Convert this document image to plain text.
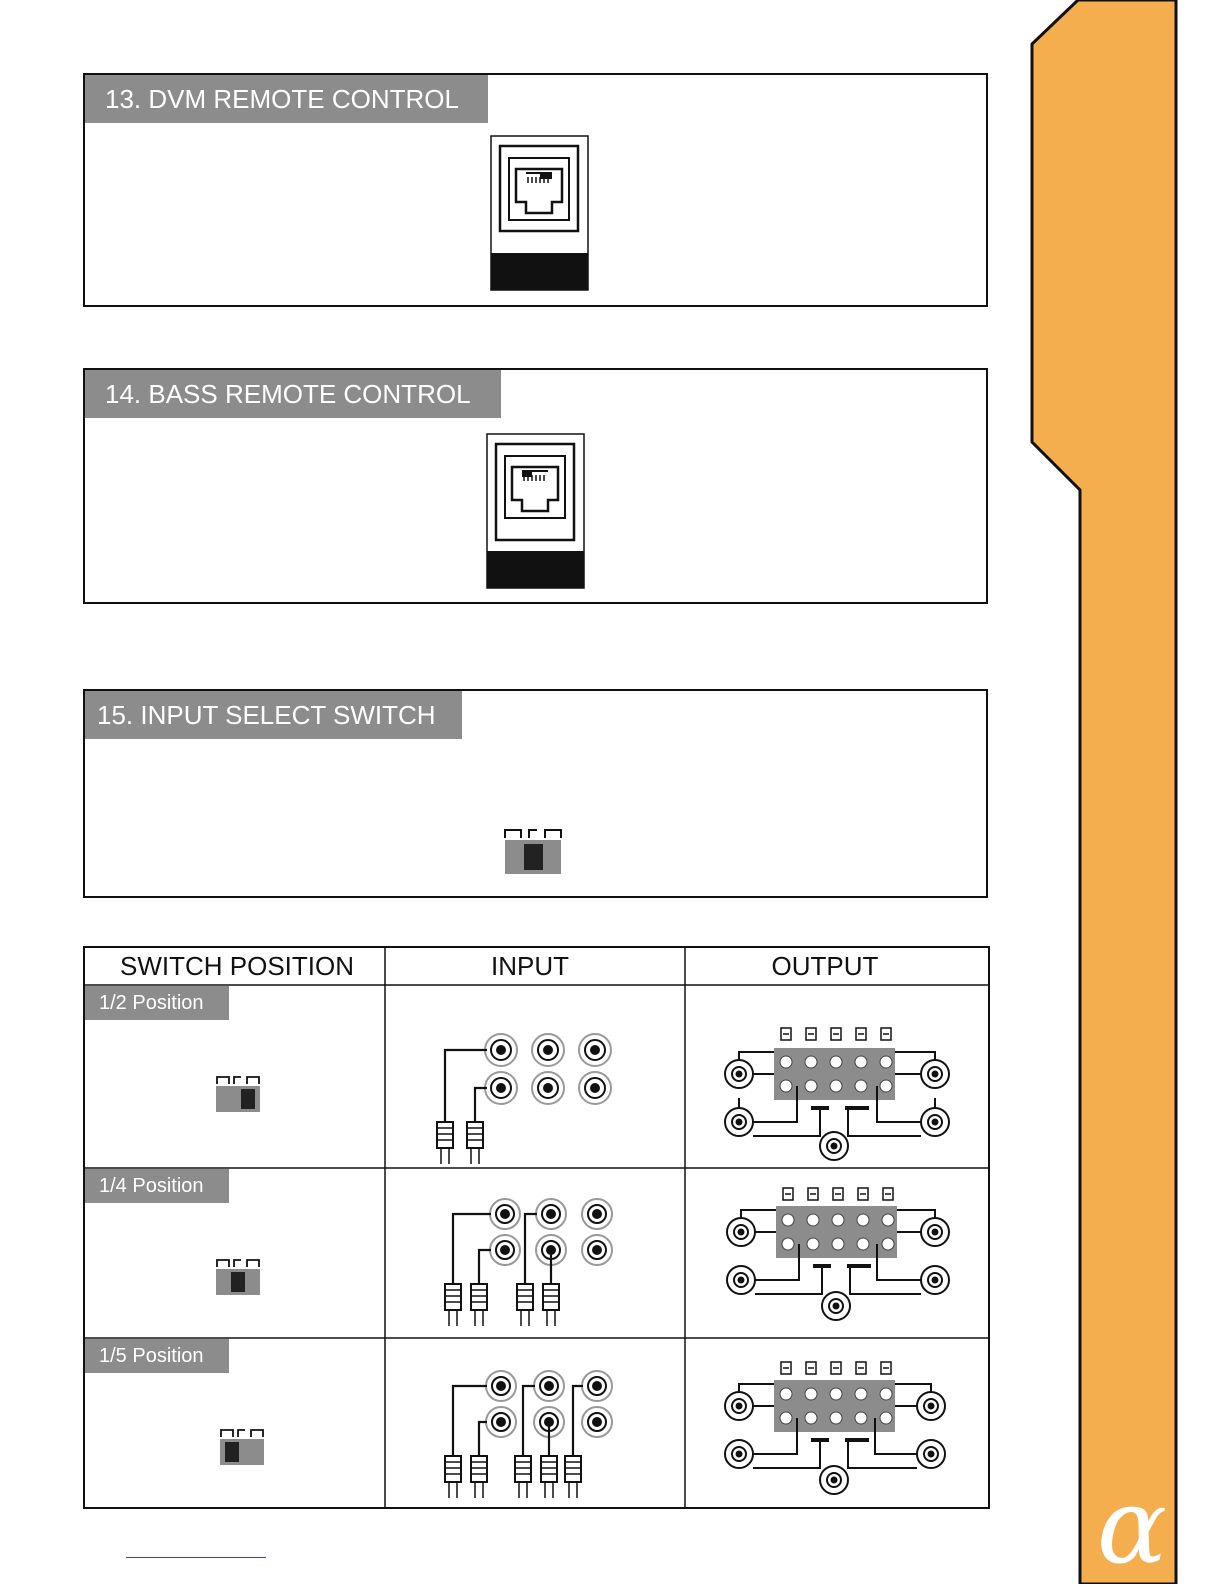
α
13. DVM REMOTE CONTROL
14. BASS REMOTE CONTROL
15. INPUT SELECT SWITCH
SWITCH POSITION	INPUT	OUTPUT
1/2 Position
1/4 Position
1/5 Position
